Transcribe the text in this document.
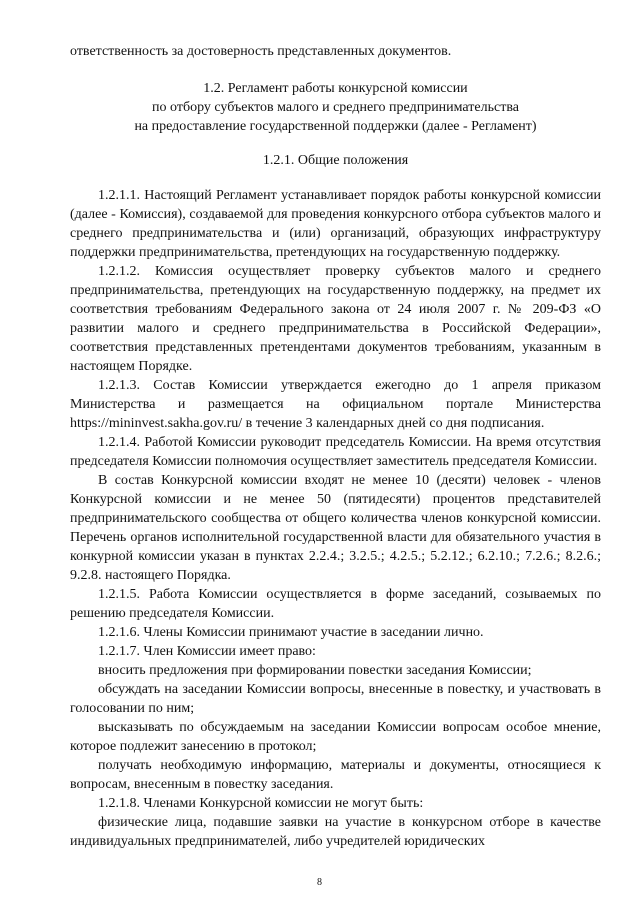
ответственность за достоверность представленных документов.

1.2. Регламент работы конкурсной комиссии
по отбору субъектов малого и среднего предпринимательства
на предоставление государственной поддержки (далее - Регламент)
1.2.1. Общие положения

1.2.1.1. Настоящий Регламент устанавливает порядок работы конкурсной комиссии (далее - Комиссия), создаваемой для проведения конкурсного отбора субъектов малого и среднего предпринимательства и (или) организаций, образующих инфраструктуру поддержки предпринимательства, претендующих на государственную поддержку.

1.2.1.2. Комиссия осуществляет проверку субъектов малого и среднего предпринимательства, претендующих на государственную поддержку, на предмет их соответствия требованиям Федерального закона от 24 июля 2007 г. № 209-ФЗ «О развитии малого и среднего предпринимательства в Российской Федерации», соответствия представленных претендентами документов требованиям, указанным в настоящем Порядке.

1.2.1.3. Состав Комиссии утверждается ежегодно до 1 апреля приказом Министерства и размещается на официальном портале Министерства https://mininvest.sakha.gov.ru/ в течение 3 календарных дней со дня подписания.

1.2.1.4. Работой Комиссии руководит председатель Комиссии. На время отсутствия председателя Комиссии полномочия осуществляет заместитель председателя Комиссии.

В состав Конкурсной комиссии входят не менее 10 (десяти) человек - членов Конкурсной комиссии и не менее 50 (пятидесяти) процентов представителей предпринимательского сообщества от общего количества членов конкурсной комиссии. Перечень органов исполнительной государственной власти для обязательного участия в конкурной комиссии указан в пунктах 2.2.4.; 3.2.5.; 4.2.5.; 5.2.12.; 6.2.10.; 7.2.6.; 8.2.6.; 9.2.8. настоящего Порядка.

1.2.1.5. Работа Комиссии осуществляется в форме заседаний, созываемых по решению председателя Комиссии.

1.2.1.6. Члены Комиссии принимают участие в заседании лично.

1.2.1.7. Член Комиссии имеет право:

вносить предложения при формировании повестки заседания Комиссии;

обсуждать на заседании Комиссии вопросы, внесенные в повестку, и участвовать в голосовании по ним;

высказывать по обсуждаемым на заседании Комиссии вопросам особое мнение, которое подлежит занесению в протокол;

получать необходимую информацию, материалы и документы, относящиеся к вопросам, внесенным в повестку заседания.

1.2.1.8. Членами Конкурсной комиссии не могут быть:

физические лица, подавшие заявки на участие в конкурсном отборе в качестве индивидуальных предпринимателей, либо учредителей юридических

8
